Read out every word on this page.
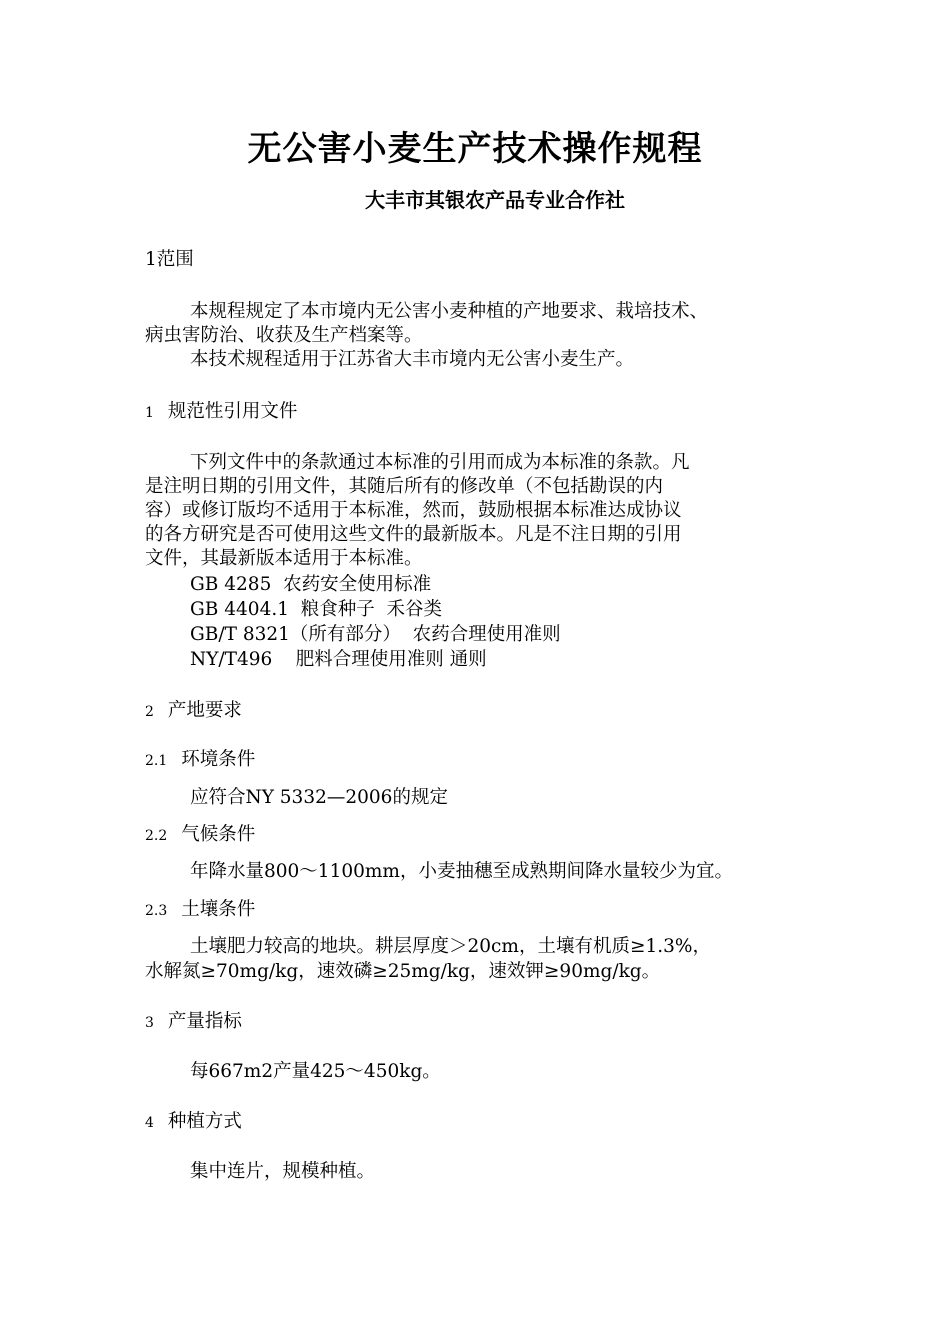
无公害小麦生产技术操作规程
大丰市其银农产品专业合作社
1范围
本规程规定了本市境内无公害小麦种植的产地要求、栽培技术、
病虫害防治、收获及生产档案等。
本技术规程适用于江苏省大丰市境内无公害小麦生产。
1 规范性引用文件
下列文件中的条款通过本标准的引用而成为本标准的条款。凡
是注明日期的引用文件，其随后所有的修改单（不包括勘误的内
容）或修订版均不适用于本标准，然而，鼓励根据本标准达成协议
的各方研究是否可使用这些文件的最新版本。凡是不注日期的引用
文件，其最新版本适用于本标准。
GB 4285  农药安全使用标准
GB 4404.1  粮食种子  禾谷类
GB/T 8321（所有部分）  农药合理使用准则
NY/T496    肥料合理使用准则 通则
2 产地要求
2.1 环境条件
应符合NY 5332—2006的规定
2.2 气候条件
年降水量800～1100mm，小麦抽穗至成熟期间降水量较少为宜。
2.3 土壤条件
土壤肥力较高的地块。耕层厚度＞20cm，土壤有机质≥1.3%，
水解氮≥70mg/kg，速效磷≥25mg/kg，速效钾≥90mg/kg。
3 产量指标
每667m2产量425～450kg。
4 种植方式
集中连片，规模种植。
